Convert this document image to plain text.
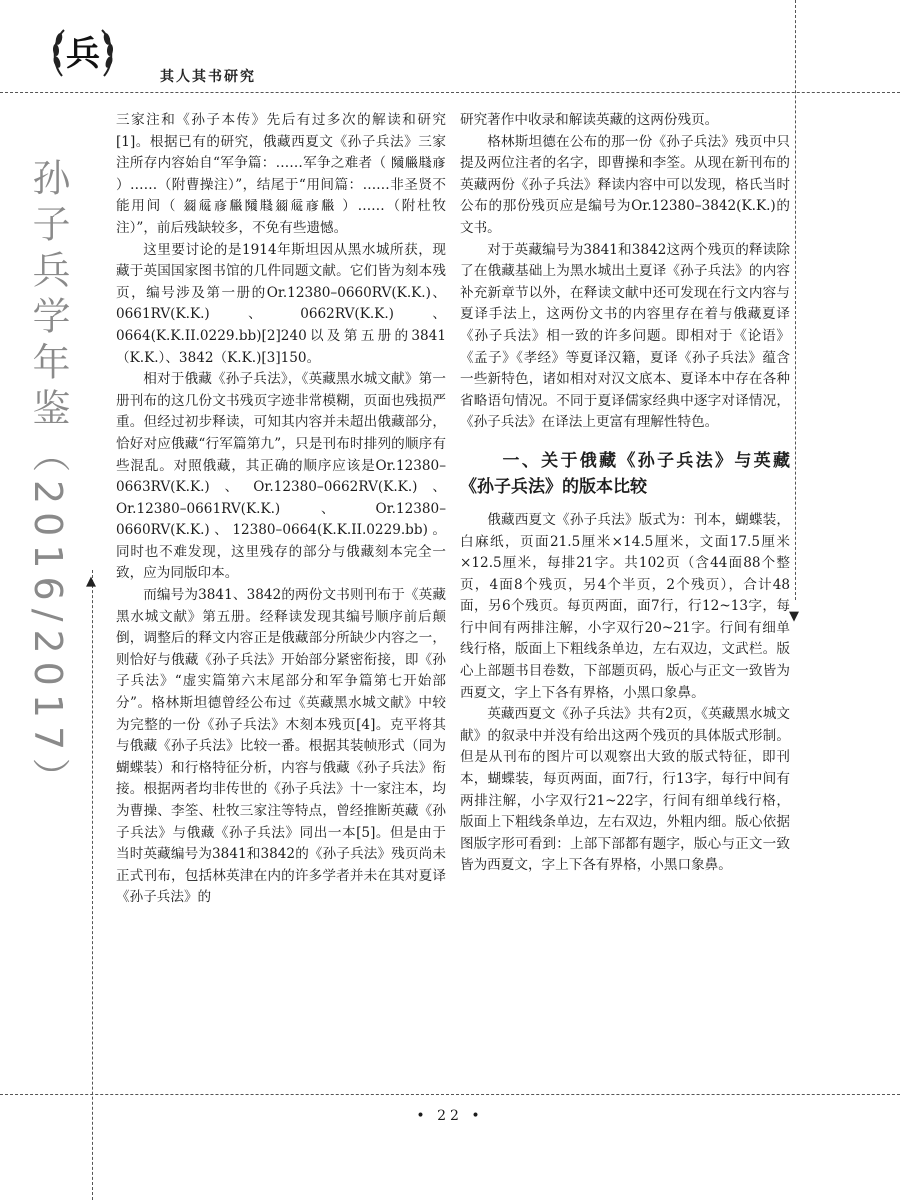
兵
其人其书研究
孙子兵学年鉴（2016/2017）	▲
▼

三家注和《孙子本传》先后有过多次的解读和研究[1]。根据已有的研究，俄藏西夏文《孙子兵法》三家注所存内容始自“军争篇：……军争之难者（ 𗂧𗆐𗹦𗇋 ）……（附曹操注）”，结尾于“用间篇：……非圣贤不能用间（ 𗥃𗏁𗇋𗆐𗂧𗹦𗥃𗏁𗇋𗆐 ）……（附杜牧注）”，前后残缺较多，不免有些遗憾。

这里要讨论的是1914年斯坦因从黑水城所获，现藏于英国国家图书馆的几件同题文献。它们皆为刻本残页，编号涉及第一册的Or.12380–0660RV(K.K.)、0661RV(K.K.)、0662RV(K.K.)、0664(K.K.II.0229.bb)[2]240以及第五册的3841（K.K.）、3842（K.K.)[3]150。

相对于俄藏《孙子兵法》，《英藏黑水城文献》第一册刊布的这几份文书残页字迹非常模糊，页面也残损严重。但经过初步释读，可知其内容并未超出俄藏部分，恰好对应俄藏“行军篇第九”，只是刊布时排列的顺序有些混乱。对照俄藏，其正确的顺序应该是Or.12380–0663RV(K.K.)、Or.12380–0662RV(K.K.)、Or.12380–0661RV(K.K.)、Or.12380–0660RV(K.K.)、12380–0664(K.K.II.0229.bb)。同时也不难发现，这里残存的部分与俄藏刻本完全一致，应为同版印本。

而编号为3841、3842的两份文书则刊布于《英藏黑水城文献》第五册。经释读发现其编号顺序前后颠倒，调整后的释文内容正是俄藏部分所缺少内容之一，则恰好与俄藏《孙子兵法》开始部分紧密衔接，即《孙子兵法》“虚实篇第六末尾部分和军争篇第七开始部分”。格林斯坦德曾经公布过《英藏黑水城文献》中较为完整的一份《孙子兵法》木刻本残页[4]。克平将其与俄藏《孙子兵法》比较一番。根据其装帧形式（同为蝴蝶装）和行格特征分析，内容与俄藏《孙子兵法》衔接。根据两者均非传世的《孙子兵法》十一家注本，均为曹操、李筌、杜牧三家注等特点，曾经推断英藏《孙子兵法》与俄藏《孙子兵法》同出一本[5]。但是由于当时英藏编号为3841和3842的《孙子兵法》残页尚未正式刊布，包括林英津在内的许多学者并未在其对夏译《孙子兵法》的

研究著作中收录和解读英藏的这两份残页。

格林斯坦德在公布的那一份《孙子兵法》残页中只提及两位注者的名字，即曹操和李筌。从现在新刊布的英藏两份《孙子兵法》释读内容中可以发现，格氏当时公布的那份残页应是编号为Or.12380–3842(K.K.)的文书。

对于英藏编号为3841和3842这两个残页的释读除了在俄藏基础上为黑水城出土夏译《孙子兵法》的内容补充新章节以外，在释读文献中还可发现在行文内容与夏译手法上，这两份文书的内容里存在着与俄藏夏译《孙子兵法》相一致的许多问题。即相对于《论语》《孟子》《孝经》等夏译汉籍，夏译《孙子兵法》蕴含一些新特色，诸如相对对汉文底本、夏译本中存在各种省略语句情况。不同于夏译儒家经典中逐字对译情况，《孙子兵法》在译法上更富有理解性特色。

一、关于俄藏《孙子兵法》与英藏《孙子兵法》的版本比较

俄藏西夏文《孙子兵法》版式为：刊本，蝴蝶装，白麻纸，页面21.5厘米×14.5厘米，文面17.5厘米×12.5厘米，每排21字。共102页（含44面88个整页，4面8个残页，另4个半页，2个残页），合计48面，另6个残页。每页两面，面7行，行12~13字，每行中间有两排注解，小字双行20~21字。行间有细单线行格，版面上下粗线条单边，左右双边，文武栏。版心上部题书目卷数，下部题页码，版心与正文一致皆为西夏文，字上下各有界格，小黑口象鼻。

英藏西夏文《孙子兵法》共有2页，《英藏黑水城文献》的叙录中并没有给出这两个残页的具体版式形制。但是从刊布的图片可以观察出大致的版式特征，即刊本，蝴蝶装，每页两面，面7行，行13字，每行中间有两排注解，小字双行21~22字，行间有细单线行格，版面上下粗线条单边，左右双边，外粗内细。版心依据图版字形可看到：上部下部都有题字，版心与正文一致皆为西夏文，字上下各有界格，小黑口象鼻。

• 22 •
